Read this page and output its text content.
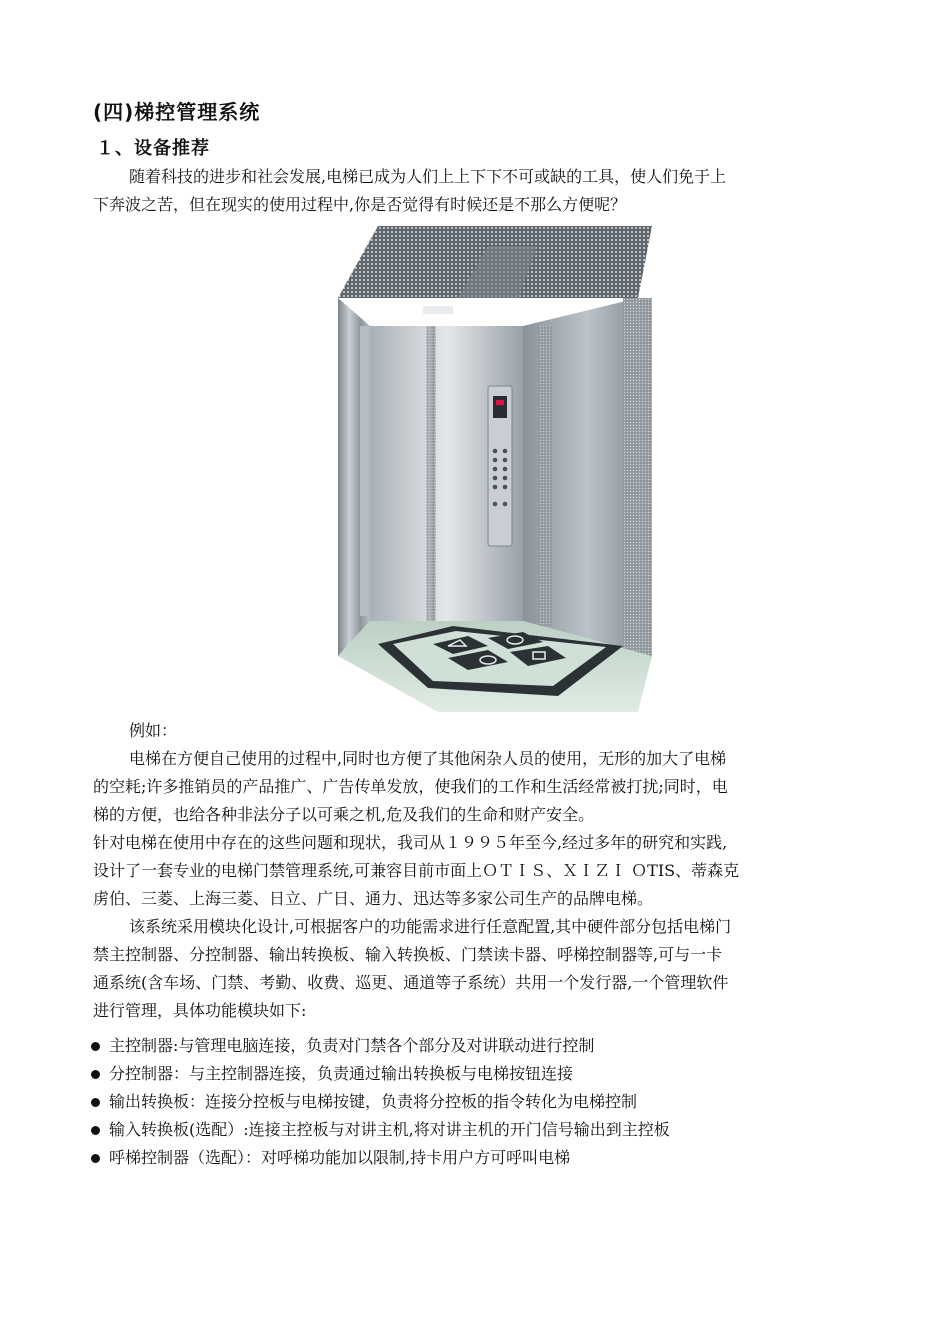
(四)梯控管理系统
１、设备推荐
随着科技的进步和社会发展,电梯已成为人们上上下下不可或缺的工具，使人们免于上
下奔波之苦，但在现实的使用过程中,你是否觉得有时候还是不那么方便呢？
例如：
电梯在方便自己使用的过程中,同时也方便了其他闲杂人员的使用，无形的加大了电梯
的空耗;许多推销员的产品推广、广告传单发放，使我们的工作和生活经常被打扰;同时，电
梯的方便，也给各种非法分子以可乘之机,危及我们的生命和财产安全。
针对电梯在使用中存在的这些问题和现状，我司从１９９５年至今,经过多年的研究和实践,
设计了一套专业的电梯门禁管理系统,可兼容目前市面上ＯＴＩＳ、ＸＩＺＩ ＯTIS、蒂森克
虏伯、三菱、上海三菱、日立、广日、通力、迅达等多家公司生产的品牌电梯。
该系统采用模块化设计,可根据客户的功能需求进行任意配置,其中硬件部分包括电梯门
禁主控制器、分控制器、输出转换板、输入转换板、门禁读卡器、呼梯控制器等,可与一卡
通系统(含车场、门禁、考勤、收费、巡更、通道等子系统）共用一个发行器,一个管理软件
进行管理，具体功能模块如下:
主控制器:与管理电脑连接，负责对门禁各个部分及对讲联动进行控制
分控制器：与主控制器连接，负责通过输出转换板与电梯按钮连接
输出转换板：连接分控板与电梯按键，负责将分控板的指令转化为电梯控制
输入转换板(选配）:连接主控板与对讲主机,将对讲主机的开门信号输出到主控板
呼梯控制器（选配）：对呼梯功能加以限制,持卡用户方可呼叫电梯
